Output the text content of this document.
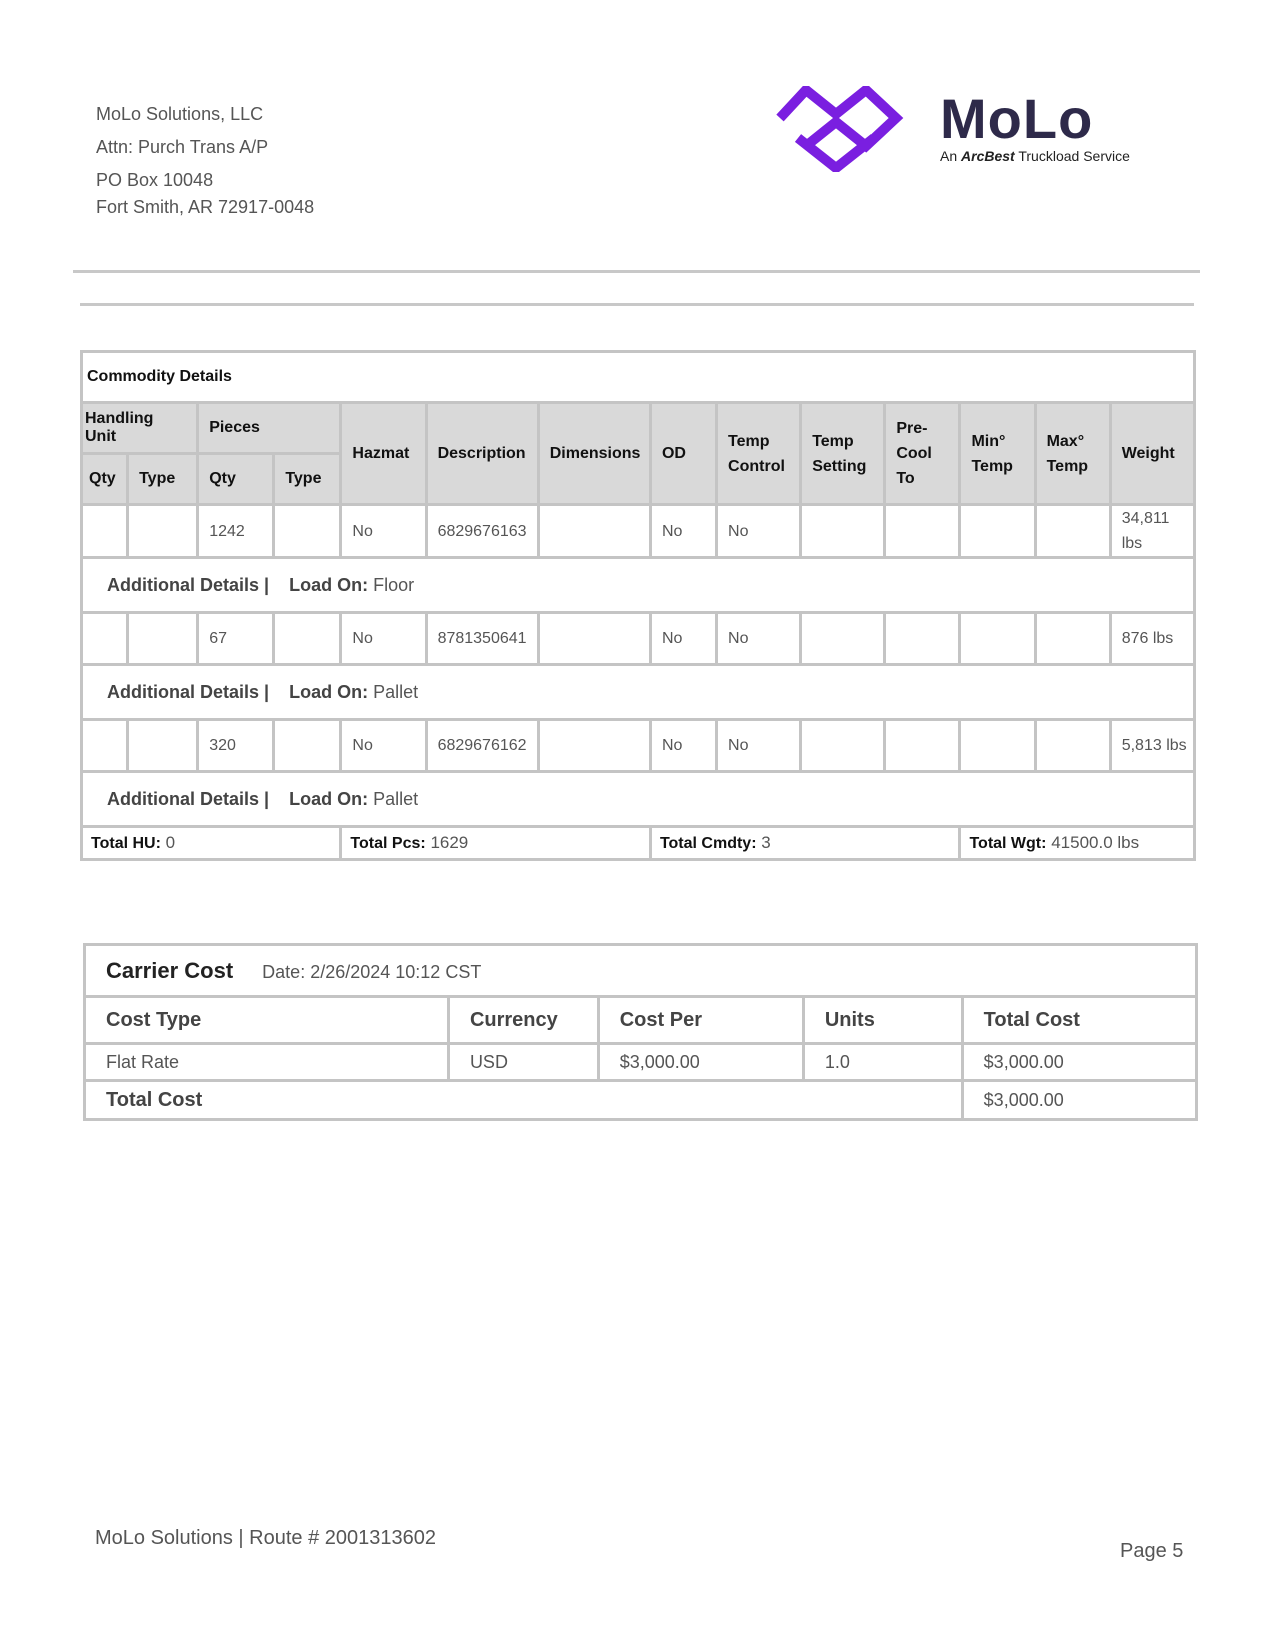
MoLo Solutions, LLC
Attn: Purch Trans A/P
PO Box 10048
Fort Smith, AR 72917-0048
MoLo
An ArcBest Truckload Service
Commodity Details													
Handling Unit		Pieces		Hazmat	Description	Dimensions	OD	Temp Control	Temp Setting	Pre- Cool To	Min° Temp	Max° Temp	Weight
Qty	Type	Qty	Type										
		1242		No	6829676163		No	No					34,811 lbs
Additional Details | Load On: Floor													
		67		No	8781350641		No	No					876 lbs
Additional Details | Load On: Pallet													
		320		No	6829676162		No	No					5,813 lbs
Additional Details | Load On: Pallet													
Total HU: 0				Total Pcs: 1629			Total Cmdty: 3				Total Wgt: 41500.0 lbs		
Carrier Cost Date: 2/26/2024 10:12 CST				
Cost Type	Currency	Cost Per	Units	Total Cost
Flat Rate	USD	$3,000.00	1.0	$3,000.00
Total Cost				$3,000.00
MoLo Solutions | Route # 2001313602
Page 5
